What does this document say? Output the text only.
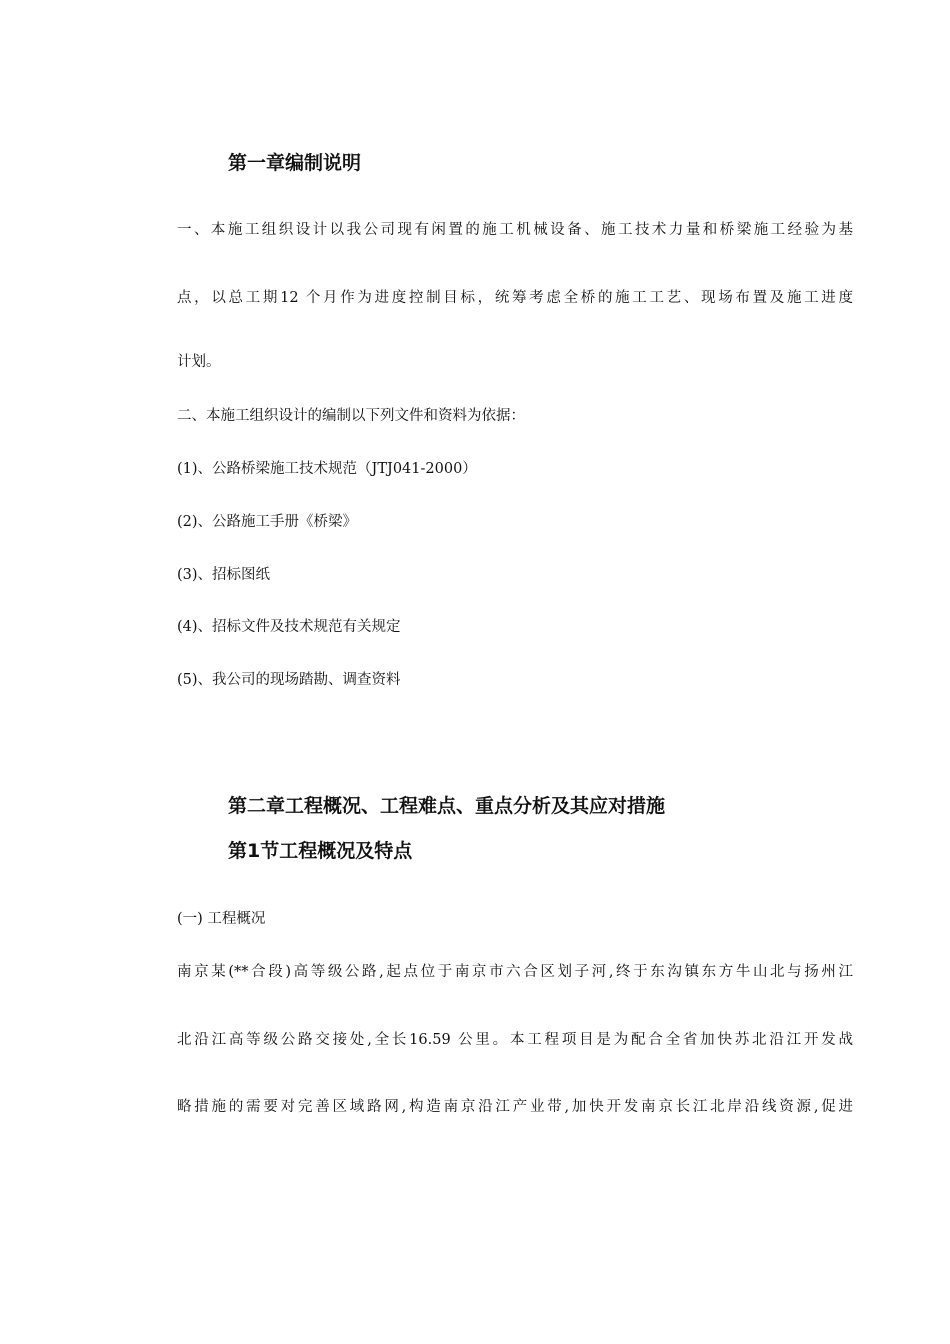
第一章编制说明
一、本施工组织设计以我公司现有闲置的施工机械设备、施工技术力量和桥梁施工经验为基
点，以总工期12 个月作为进度控制目标，统筹考虑全桥的施工工艺、现场布置及施工进度
计划。
二、本施工组织设计的编制以下列文件和资料为依据：
(1)、公路桥梁施工技术规范（JTJ041-2000）
(2)、公路施工手册《桥梁》
(3)、招标图纸
(4)、招标文件及技术规范有关规定
(5)、我公司的现场踏勘、调查资料
第二章工程概况、工程难点、重点分析及其应对措施
第1节工程概况及特点
(一) 工程概况
南京某(**合段)高等级公路,起点位于南京市六合区划子河,终于东沟镇东方牛山北与扬州江
北沿江高等级公路交接处,全长16.59 公里。本工程项目是为配合全省加快苏北沿江开发战
略措施的需要对完善区域路网,构造南京沿江产业带,加快开发南京长江北岸沿线资源,促进
